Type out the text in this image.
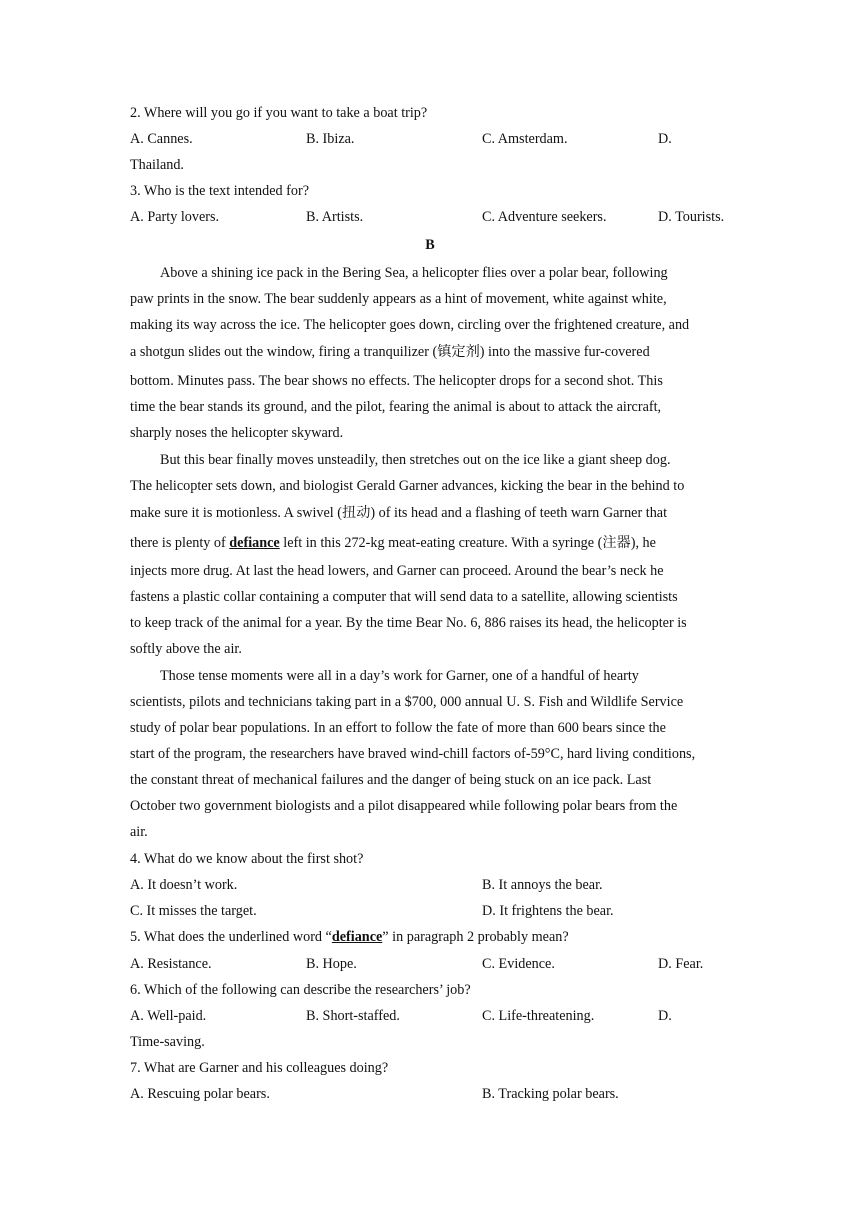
2. Where will you go if you want to take a boat trip?
A. Cannes.	B. Ibiza.	C. Amsterdam.	D.
Thailand.
3. Who is the text intended for?
A. Party lovers.	B. Artists.	C. Adventure seekers.	D. Tourists.
B
Above a shining ice pack in the Bering Sea, a helicopter flies over a polar bear, following
paw prints in the snow. The bear suddenly appears as a hint of movement, white against white,
making its way across the ice. The helicopter goes down, circling over the frightened creature, and
a shotgun slides out the window, firing a tranquilizer (镇定剂) into the massive fur-covered
bottom. Minutes pass. The bear shows no effects. The helicopter drops for a second shot. This
time the bear stands its ground, and the pilot, fearing the animal is about to attack the aircraft,
sharply noses the helicopter skyward.
But this bear finally moves unsteadily, then stretches out on the ice like a giant sheep dog.
The helicopter sets down, and biologist Gerald Garner advances, kicking the bear in the behind to
make sure it is motionless. A swivel (扭动) of its head and a flashing of teeth warn Garner that
there is plenty of defiance left in this 272-kg meat-eating creature. With a syringe (注器), he
injects more drug. At last the head lowers, and Garner can proceed. Around the bear’s neck he
fastens a plastic collar containing a computer that will send data to a satellite, allowing scientists
to keep track of the animal for a year. By the time Bear No. 6, 886 raises its head, the helicopter is
softly above the air.
Those tense moments were all in a day’s work for Garner, one of a handful of hearty
scientists, pilots and technicians taking part in a $700, 000 annual U. S. Fish and Wildlife Service
study of polar bear populations. In an effort to follow the fate of more than 600 bears since the
start of the program, the researchers have braved wind-chill factors of-59°C, hard living conditions,
the constant threat of mechanical failures and the danger of being stuck on an ice pack. Last
October two government biologists and a pilot disappeared while following polar bears from the
air.
4. What do we know about the first shot?
A. It doesn’t work.	B. It annoys the bear.
C. It misses the target.	D. It frightens the bear.
5. What does the underlined word “defiance” in paragraph 2 probably mean?
A. Resistance.	B. Hope.	C. Evidence.	D. Fear.
6. Which of the following can describe the researchers’ job?
A. Well-paid.	B. Short-staffed.	C. Life-threatening.	D.
Time-saving.
7. What are Garner and his colleagues doing?
A. Rescuing polar bears.	B. Tracking polar bears.
